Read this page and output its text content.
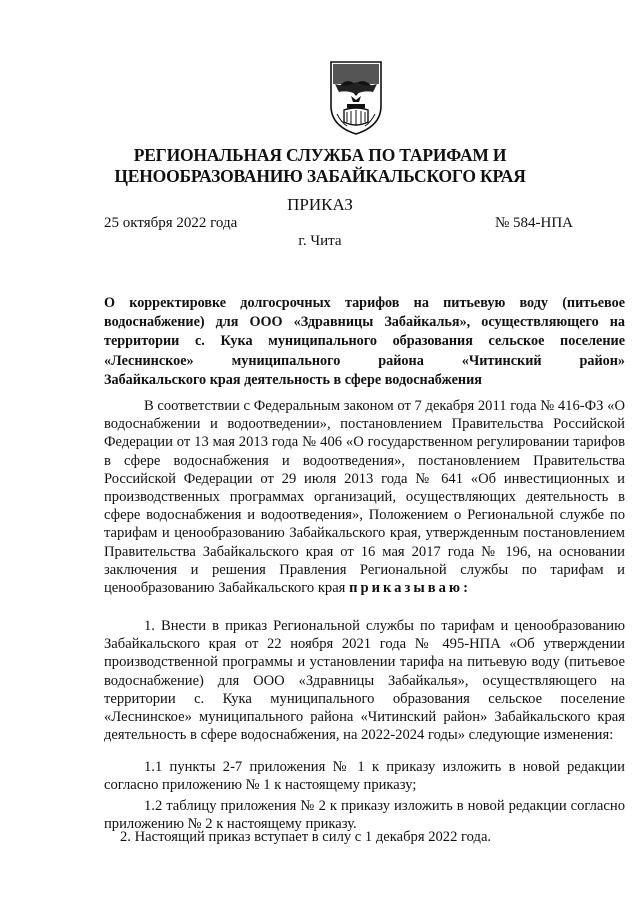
РЕГИОНАЛЬНАЯ СЛУЖБА ПО ТАРИФАМ И
ЦЕНООБРАЗОВАНИЮ ЗАБАЙКАЛЬСКОГО КРАЯ
ПРИКАЗ
25 октября 2022 года	№ 584-НПА
г. Чита
О корректировке долгосрочных тарифов на питьевую воду (питьевое
водоснабжение) для ООО «Здравницы Забайкалья», осуществляющего на
территории с. Кука муниципального образования сельское поселение
«Леснинское» муниципального района «Читинский район»
Забайкальского края деятельность в сфере водоснабжения
В соответствии с Федеральным законом от 7 декабря 2011 года № 416-ФЗ «О водоснабжении и водоотведении», постановлением Правительства Российской Федерации от 13 мая 2013 года № 406 «О государственном регулировании тарифов в сфере водоснабжения и водоотведения», постановлением Правительства Российской Федерации от 29 июля 2013 года № 641 «Об инвестиционных и производственных программах организаций, осуществляющих деятельность в сфере водоснабжения и водоотведения», Положением о Региональной службе по тарифам и ценообразованию Забайкальского края, утвержденным постановлением Правительства Забайкальского края от 16 мая 2017 года № 196, на основании заключения и решения Правления Региональной службы по тарифам и ценообразованию Забайкальского края приказываю:
1. Внести в приказ Региональной службы по тарифам и ценообразованию Забайкальского края от 22 ноября 2021 года № 495-НПА «Об утверждении производственной программы и установлении тарифа на питьевую воду (питьевое водоснабжение) для ООО «Здравницы Забайкалья», осуществляющего на территории с. Кука муниципального образования сельское поселение «Леснинское» муниципального района «Читинский район» Забайкальского края деятельность в сфере водоснабжения, на 2022-2024 годы» следующие изменения:
1.1 пункты 2-7 приложения № 1 к приказу изложить в новой редакции согласно приложению № 1 к настоящему приказу;
1.2 таблицу приложения № 2 к приказу изложить в новой редакции согласно приложению № 2 к настоящему приказу.
2. Настоящий приказ вступает в силу с 1 декабря 2022 года.
